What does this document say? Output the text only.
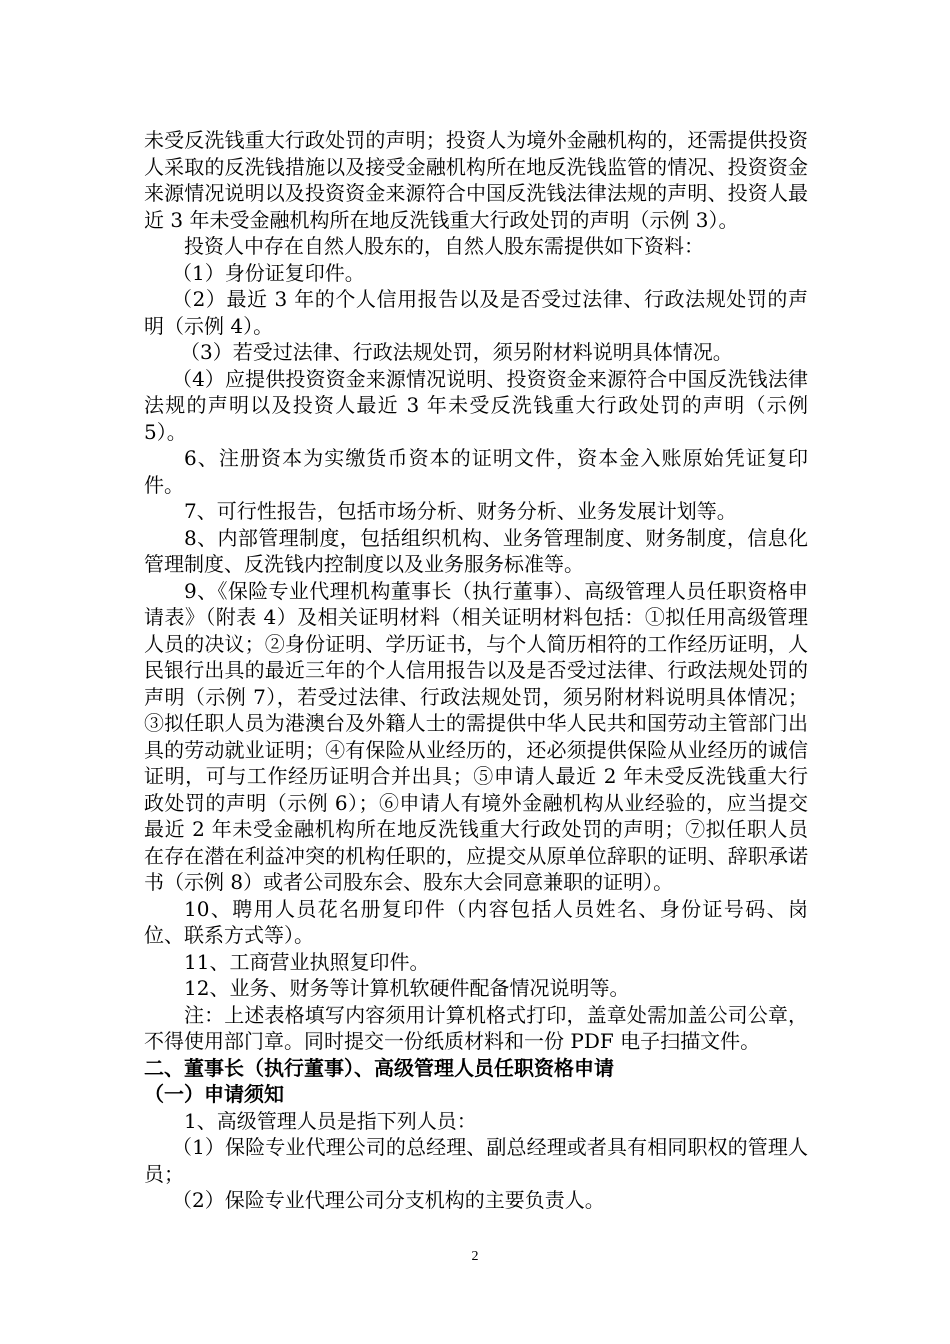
未受反洗钱重大行政处罚的声明；投资人为境外金融机构的，还需提供投资人采取的反洗钱措施以及接受金融机构所在地反洗钱监管的情况、投资资金来源情况说明以及投资资金来源符合中国反洗钱法律法规的声明、投资人最近 3 年未受金融机构所在地反洗钱重大行政处罚的声明（示例 3）。

投资人中存在自然人股东的，自然人股东需提供如下资料：

（1）身份证复印件。

（2）最近 3 年的个人信用报告以及是否受过法律、行政法规处罚的声明（示例 4）。

（3）若受过法律、行政法规处罚，须另附材料说明具体情况。

（4）应提供投资资金来源情况说明、投资资金来源符合中国反洗钱法律法规的声明以及投资人最近 3 年未受反洗钱重大行政处罚的声明（示例 5）。

6、注册资本为实缴货币资本的证明文件，资本金入账原始凭证复印件。

7、可行性报告，包括市场分析、财务分析、业务发展计划等。

8、内部管理制度，包括组织机构、业务管理制度、财务制度，信息化管理制度、反洗钱内控制度以及业务服务标准等。

9、《保险专业代理机构董事长（执行董事）、高级管理人员任职资格申请表》（附表 4）及相关证明材料（相关证明材料包括：①拟任用高级管理人员的决议；②身份证明、学历证书，与个人简历相符的工作经历证明，人民银行出具的最近三年的个人信用报告以及是否受过法律、行政法规处罚的声明（示例 7），若受过法律、行政法规处罚，须另附材料说明具体情况；③拟任职人员为港澳台及外籍人士的需提供中华人民共和国劳动主管部门出具的劳动就业证明；④有保险从业经历的，还必须提供保险从业经历的诚信证明，可与工作经历证明合并出具；⑤申请人最近 2 年未受反洗钱重大行政处罚的声明（示例 6）；⑥申请人有境外金融机构从业经验的，应当提交最近 2 年未受金融机构所在地反洗钱重大行政处罚的声明；⑦拟任职人员在存在潜在利益冲突的机构任职的，应提交从原单位辞职的证明、辞职承诺书（示例 8）或者公司股东会、股东大会同意兼职的证明）。

10、聘用人员花名册复印件（内容包括人员姓名、身份证号码、岗位、联系方式等）。

11、工商营业执照复印件。

12、业务、财务等计算机软硬件配备情况说明等。

注：上述表格填写内容须用计算机格式打印，盖章处需加盖公司公章，不得使用部门章。同时提交一份纸质材料和一份 PDF 电子扫描文件。

二、董事长（执行董事）、高级管理人员任职资格申请

（一）申请须知

1、高级管理人员是指下列人员：

（1）保险专业代理公司的总经理、副总经理或者具有相同职权的管理人员；

（2）保险专业代理公司分支机构的主要负责人。

2
